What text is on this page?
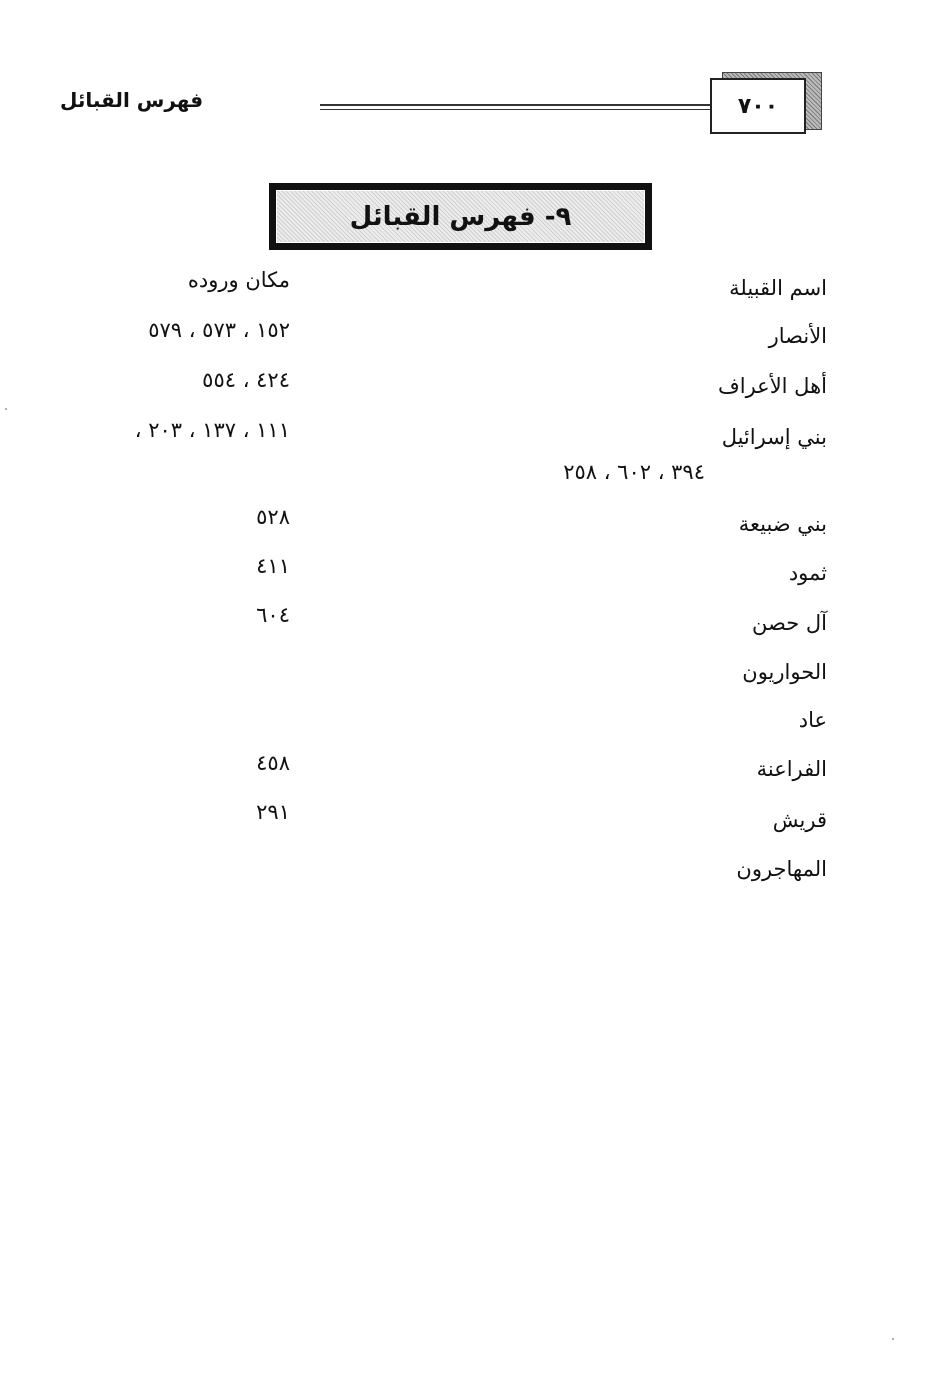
٧٠٠
فهرس القبائل
٩- فهرس القبائل
اسم القبيلة
مكان وروده
الأنصار
١٥٢ ، ٥٧٣ ، ٥٧٩
أهل الأعراف
٤٢٤ ، ٥٥٤
بني إسرائيل
١١١ ، ١٣٧ ، ٢٠٣ ،
٣٩٤ ، ٦٠٢ ، ٢٥٨
بني ضبيعة
٥٢٨
ثمود
٤١١
آل حصن
٦٠٤
الحواريون
عاد
الفراعنة
٤٥٨
قريش
٢٩١
المهاجرون
